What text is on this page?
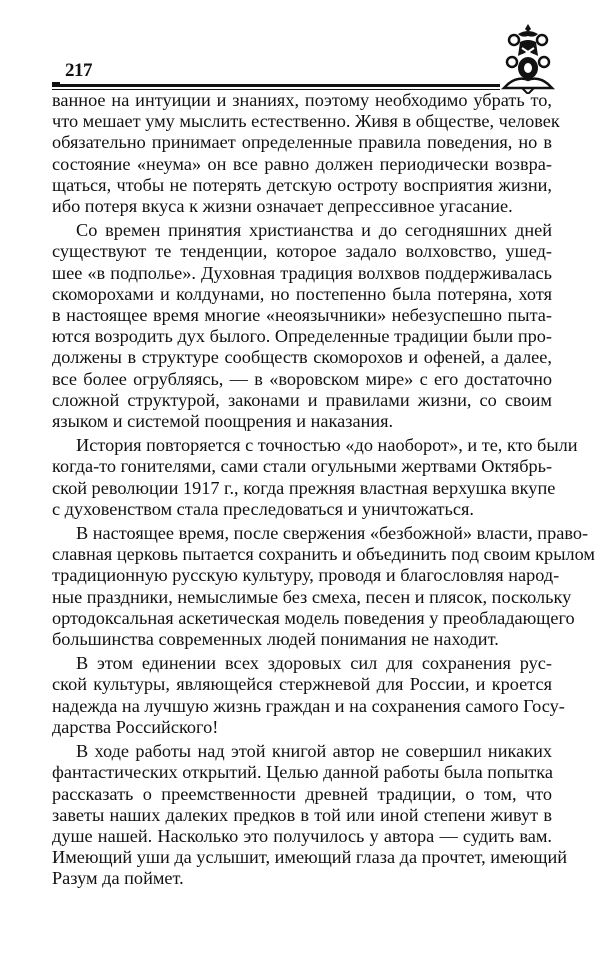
217
ванное на интуиции и знаниях, поэтому необходимо убрать то,
что мешает уму мыслить естественно. Живя в обществе, человек
обязательно принимает определенные правила поведения, но в
состояние «неума» он все равно должен периодически возвра-
щаться, чтобы не потерять детскую остроту восприятия жизни,
ибо потеря вкуса к жизни означает депрессивное угасание.
Со времен принятия христианства и до сегодняшних дней
существуют те тенденции, которое задало волховство, ушед-
шее «в подполье». Духовная традиция волхвов поддерживалась
скоморохами и колдунами, но постепенно была потеряна, хотя
в настоящее время многие «неоязычники» небезуспешно пыта-
ются возродить дух былого. Определенные традиции были про-
должены в структуре сообществ скоморохов и офеней, а далее,
все более огрубляясь, — в «воровском мире» с его достаточно
сложной структурой, законами и правилами жизни, со своим
языком и системой поощрения и наказания.
История повторяется с точностью «до наоборот», и те, кто были
когда-то гонителями, сами стали огульными жертвами Октябрь-
ской революции 1917 г., когда прежняя властная верхушка вкупе
с духовенством стала преследоваться и уничтожаться.
В настоящее время, после свержения «безбожной» власти, право-
славная церковь пытается сохранить и объединить под своим крылом
традиционную русскую культуру, проводя и благословляя народ-
ные праздники, немыслимые без смеха, песен и плясок, поскольку
ортодоксальная аскетическая модель поведения у преобладающего
большинства современных людей понимания не находит.
В этом единении всех здоровых сил для сохранения рус-
ской культуры, являющейся стержневой для России, и кроется
надежда на лучшую жизнь граждан и на сохранения самого Госу-
дарства Российского!
В ходе работы над этой книгой автор не совершил никаких
фантастических открытий. Целью данной работы была попытка
рассказать о преемственности древней традиции, о том, что
заветы наших далеких предков в той или иной степени живут в
душе нашей. Насколько это получилось у автора — судить вам.
Имеющий уши да услышит, имеющий глаза да прочтет, имеющий
Разум да поймет.
